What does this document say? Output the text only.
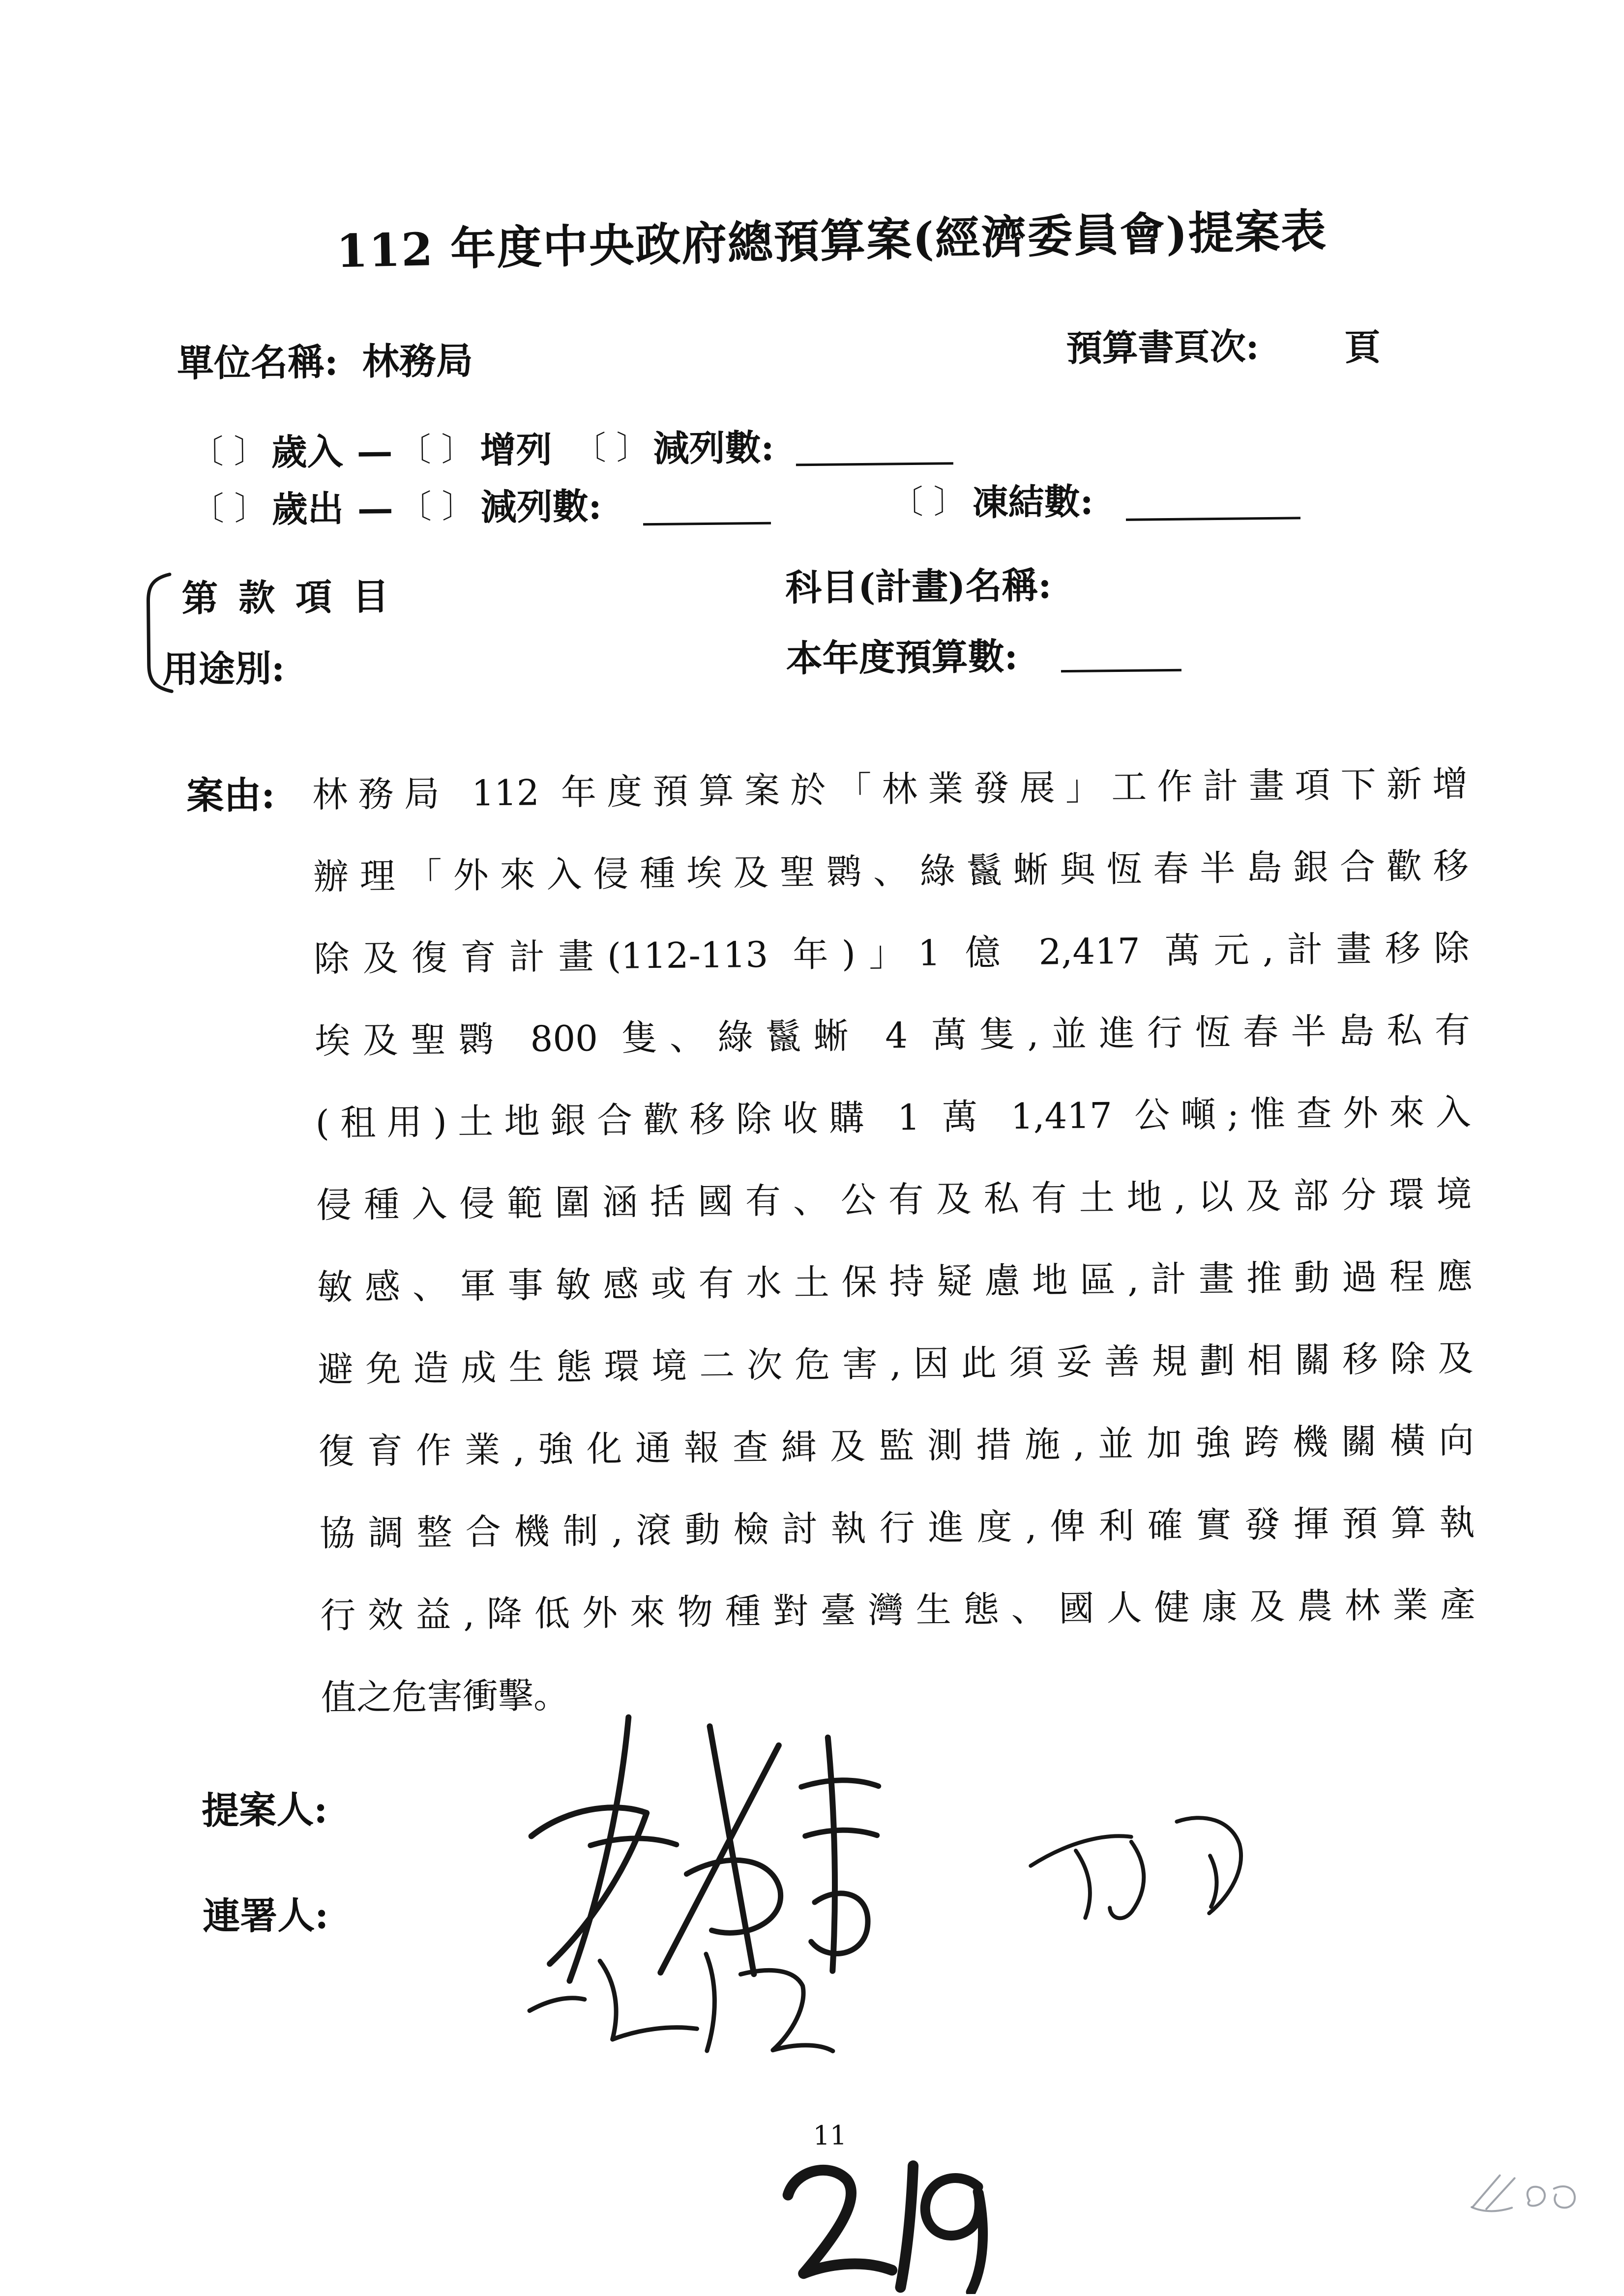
112 年度中央政府總預算案(經濟委員會)提案表
單位名稱: 林務局	預算書頁次: 頁
〔 〕 歲入 — 〔 〕 增列 〔 〕 減列數:
〔 〕 歲出 — 〔 〕 減列數:	〔 〕 凍結數:
第 款 項 目	科目(計畫)名稱:
用途別:	本年度預算數:
案由: 林務局 112 年度預算案於「林業發展」工作計畫項下新增
辦理「外來入侵種埃及聖鹮、綠鬣蜥與恆春半島銀合歡移
除及復育計畫(112-113 年)」1 億 2,417 萬元,計畫移除
埃及聖鹮 800 隻、綠鬣蜥 4 萬隻,並進行恆春半島私有
(租用)土地銀合歡移除收購 1 萬 1,417 公噸;惟查外來入
侵種入侵範圍涵括國有、公有及私有土地,以及部分環境
敏感、軍事敏感或有水土保持疑慮地區,計畫推動過程應
避免造成生態環境二次危害,因此須妥善規劃相關移除及
復育作業,強化通報查緝及監測措施,並加強跨機關橫向
協調整合機制,滾動檢討執行進度,俾利確實發揮預算執
行效益,降低外來物種對臺灣生態、國人健康及農林業產
值之危害衝擊。
提案人:
連署人:
11
